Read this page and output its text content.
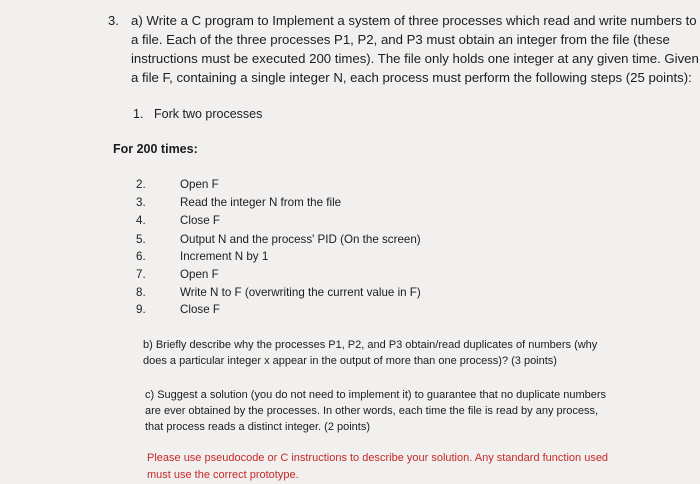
3. a) Write a C program to Implement a system of three processes which read and write numbers to
a file. Each of the three processes P1, P2, and P3 must obtain an integer from the file (these
instructions must be executed 200 times). The file only holds one integer at any given time. Given
a file F, containing a single integer N, each process must perform the following steps (25 points):
1. Fork two processes
For 200 times:
2.	Open F
3.	Read the integer N from the file
4.	Close F
5.	Output N and the process' PID (On the screen)
6.	Increment N by 1
7.	Open F
8.	Write N to F (overwriting the current value in F)
9.	Close F
b) Briefly describe why the processes P1, P2, and P3 obtain/read duplicates of numbers (why
does a particular integer x appear in the output of more than one process)? (3 points)
c) Suggest a solution (you do not need to implement it) to guarantee that no duplicate numbers
are ever obtained by the processes. In other words, each time the file is read by any process,
that process reads a distinct integer. (2 points)
Please use pseudocode or C instructions to describe your solution. Any standard function used
must use the correct prototype.
